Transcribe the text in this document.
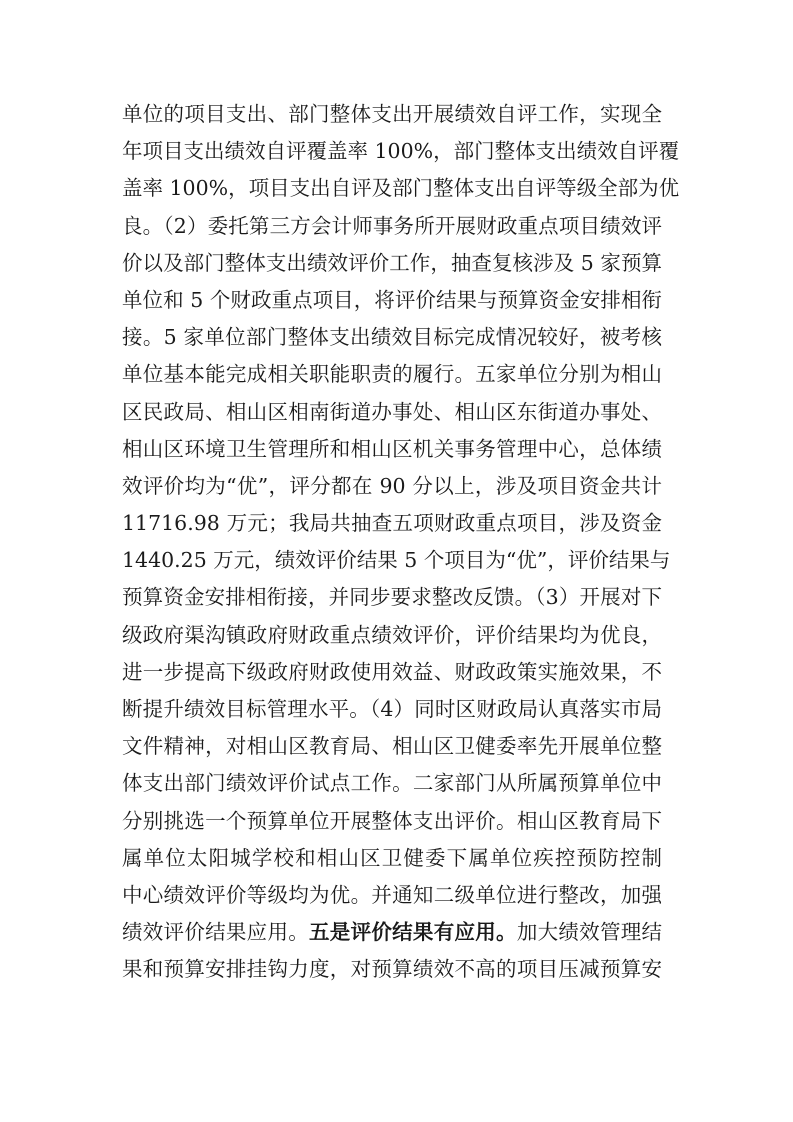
单位的项目支出、部门整体支出开展绩效自评工作，实现全
年项目支出绩效自评覆盖率 100%，部门整体支出绩效自评覆
盖率 100%，项目支出自评及部门整体支出自评等级全部为优
良。（2）委托第三方会计师事务所开展财政重点项目绩效评
价以及部门整体支出绩效评价工作，抽查复核涉及 5 家预算
单位和 5 个财政重点项目，将评价结果与预算资金安排相衔
接。5 家单位部门整体支出绩效目标完成情况较好，被考核
单位基本能完成相关职能职责的履行。五家单位分别为相山
区民政局、相山区相南街道办事处、相山区东街道办事处、
相山区环境卫生管理所和相山区机关事务管理中心，总体绩
效评价均为“优”，评分都在 90 分以上，涉及项目资金共计
11716.98 万元；我局共抽查五项财政重点项目，涉及资金
1440.25 万元，绩效评价结果 5 个项目为“优”，评价结果与
预算资金安排相衔接，并同步要求整改反馈。（3）开展对下
级政府渠沟镇政府财政重点绩效评价，评价结果均为优良，
进一步提高下级政府财政使用效益、财政政策实施效果，不
断提升绩效目标管理水平。（4）同时区财政局认真落实市局
文件精神，对相山区教育局、相山区卫健委率先开展单位整
体支出部门绩效评价试点工作。二家部门从所属预算单位中
分别挑选一个预算单位开展整体支出评价。相山区教育局下
属单位太阳城学校和相山区卫健委下属单位疾控预防控制
中心绩效评价等级均为优。并通知二级单位进行整改，加强
绩效评价结果应用。五是评价结果有应用。加大绩效管理结
果和预算安排挂钩力度，对预算绩效不高的项目压减预算安
